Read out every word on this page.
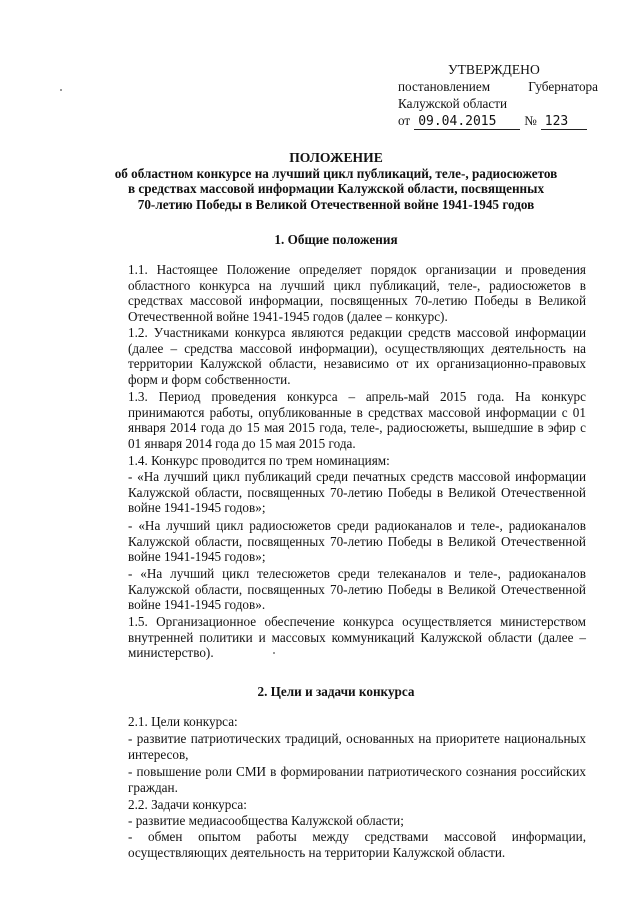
УТВЕРЖДЕНО
постановлением	Губернатора
Калужской области
от 09.04.2015	№ 123
ПОЛОЖЕНИЕ
об областном конкурсе на лучший цикл публикаций, теле-, радиосюжетов
в средствах массовой информации Калужской области, посвященных
70-летию Победы в Великой Отечественной войне 1941-1945 годов
1. Общие положения
1.1. Настоящее Положение определяет порядок организации и проведения областного конкурса на лучший цикл публикаций, теле-, радиосюжетов в средствах массовой информации, посвященных 70-летию Победы в Великой Отечественной войне 1941-1945 годов (далее – конкурс).
1.2. Участниками конкурса являются редакции средств массовой информации (далее – средства массовой информации), осуществляющих деятельность на территории Калужской области, независимо от их организационно-правовых форм и форм собственности.
1.3. Период проведения конкурса – апрель-май 2015 года. На конкурс принимаются работы, опубликованные в средствах массовой информации с 01 января 2014 года до 15 мая 2015 года, теле-, радиосюжеты, вышедшие в эфир с 01 января 2014 года до 15 мая 2015 года.
1.4. Конкурс проводится по трем номинациям:
- «На лучший цикл публикаций среди печатных средств массовой информации Калужской области, посвященных 70-летию Победы в Великой Отечественной войне 1941-1945 годов»;
- «На лучший цикл радиосюжетов среди радиоканалов и теле-, радиоканалов Калужской области, посвященных 70-летию Победы в Великой Отечественной войне 1941-1945 годов»;
- «На лучший цикл телесюжетов среди телеканалов и теле-, радиоканалов Калужской области, посвященных 70-летию Победы в Великой Отечественной войне 1941-1945 годов».
1.5. Организационное обеспечение конкурса осуществляется министерством внутренней политики и массовых коммуникаций Калужской области (далее – министерство).
2. Цели и задачи конкурса
2.1. Цели конкурса:
- развитие патриотических традиций, основанных на приоритете национальных интересов,
- повышение роли СМИ в формировании патриотического сознания российских граждан.
2.2. Задачи конкурса:
- развитие медиасообщества Калужской области;
- обмен опытом работы между средствами массовой информации, осуществляющих деятельность на территории Калужской области.
